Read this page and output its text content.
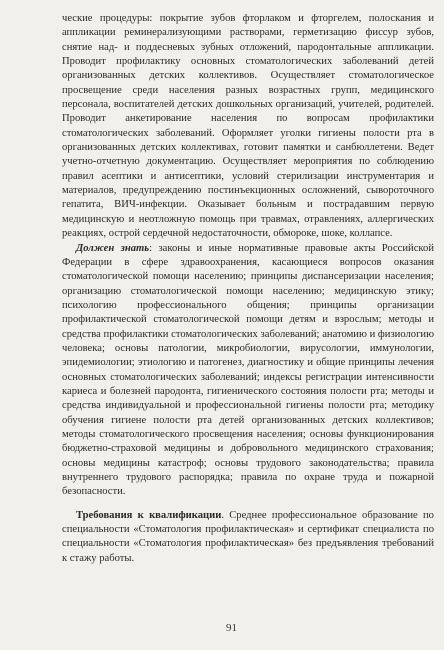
ческие процедуры: покрытие зубов фторлаком и фторгелем, полоскания и аппликации реминерализующими растворами, герметизацию фиссур зубов, снятие над- и поддесневых зубных отложений, пародонтальные аппликации. Проводит профилактику основных стоматологических заболеваний детей организованных детских коллективов. Осуществляет стоматологическое просвещение среди населения разных возрастных групп, медицинского персонала, воспитателей детских дошкольных организаций, учителей, родителей. Проводит анкетирование населения по вопросам профилактики стоматологических заболеваний. Оформляет уголки гигиены полости рта в организованных детских коллективах, готовит памятки и санбюллетени. Ведет учетно-отчетную документацию. Осуществляет мероприятия по соблюдению правил асептики и антисептики, условий стерилизации инструментария и материалов, предупреждению постинъекционных осложнений, сывороточного гепатита, ВИЧ-инфекции. Оказывает больным и пострадавшим первую медицинскую и неотложную помощь при травмах, отравлениях, аллергических реакциях, острой сердечной недостаточности, обмороке, шоке, коллапсе.

Должен знать: законы и иные нормативные правовые акты Российской Федерации в сфере здравоохранения, касающиеся вопросов оказания стоматологической помощи населению; принципы диспансеризации населения; организацию стоматологической помощи населению; медицинскую этику; психологию профессионального общения; принципы организации профилактической стоматологической помощи детям и взрослым; методы и средства профилактики стоматологических заболеваний; анатомию и физиологию человека; основы патологии, микробиологии, вирусологии, иммунологии, эпидемиологии; этиологию и патогенез, диагностику и общие принципы лечения основных стоматологических заболеваний; индексы регистрации интенсивности кариеса и болезней пародонта, гигиенического состояния полости рта; методы и средства индивидуальной и профессиональной гигиены полости рта; методику обучения гигиене полости рта детей организованных детских коллективов; методы стоматологического просвещения населения; основы функционирования бюджетно-страховой медицины и добровольного медицинского страхования; основы медицины катастроф; основы трудового законодательства; правила внутреннего трудового распорядка; правила по охране труда и пожарной безопасности.

Требования к квалификации. Среднее профессиональное образование по специальности «Стоматология профилактическая» и сертификат специалиста по специальности «Стоматология профилактическая» без предъявления требований к стажу работы.

91
